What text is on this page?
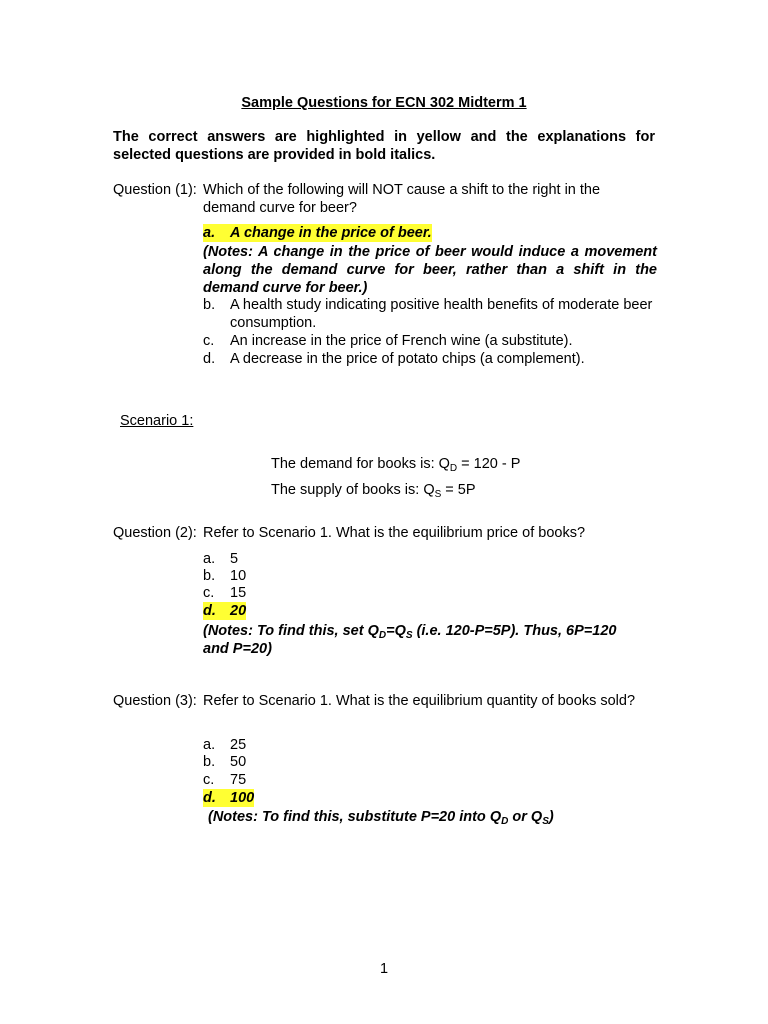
Sample Questions for ECN 302 Midterm 1
The correct answers are highlighted in yellow and the explanations for selected questions are provided in bold italics.
Question (1): Which of the following will NOT cause a shift to the right in the demand curve for beer?
a.	A change in the price of beer.
(Notes: A change in the price of beer would induce a movement along the demand curve for beer, rather than a shift in the demand curve for beer.)
b.	A health study indicating positive health benefits of moderate beer consumption.
c.	An increase in the price of French wine (a substitute).
d.	A decrease in the price of potato chips (a complement).
Scenario 1:
The demand for books is: $Q_D = 120 - P$
The supply of books is: $Q_S = 5P$
Question (2): Refer to Scenario 1. What is the equilibrium price of books?
a.	5
b.	10
c.	15
d. 20
(Notes: To find this, set $Q_D=Q_S$ (i.e. 120-P=5P). Thus, 6P=120
and P=20)
Question (3): Refer to Scenario 1. What is the equilibrium quantity of books sold?
a.	25
b.	50
c.	75
d. 100
(Notes: To find this, substitute P=20 into $Q_D$ or $Q_S$)
1
